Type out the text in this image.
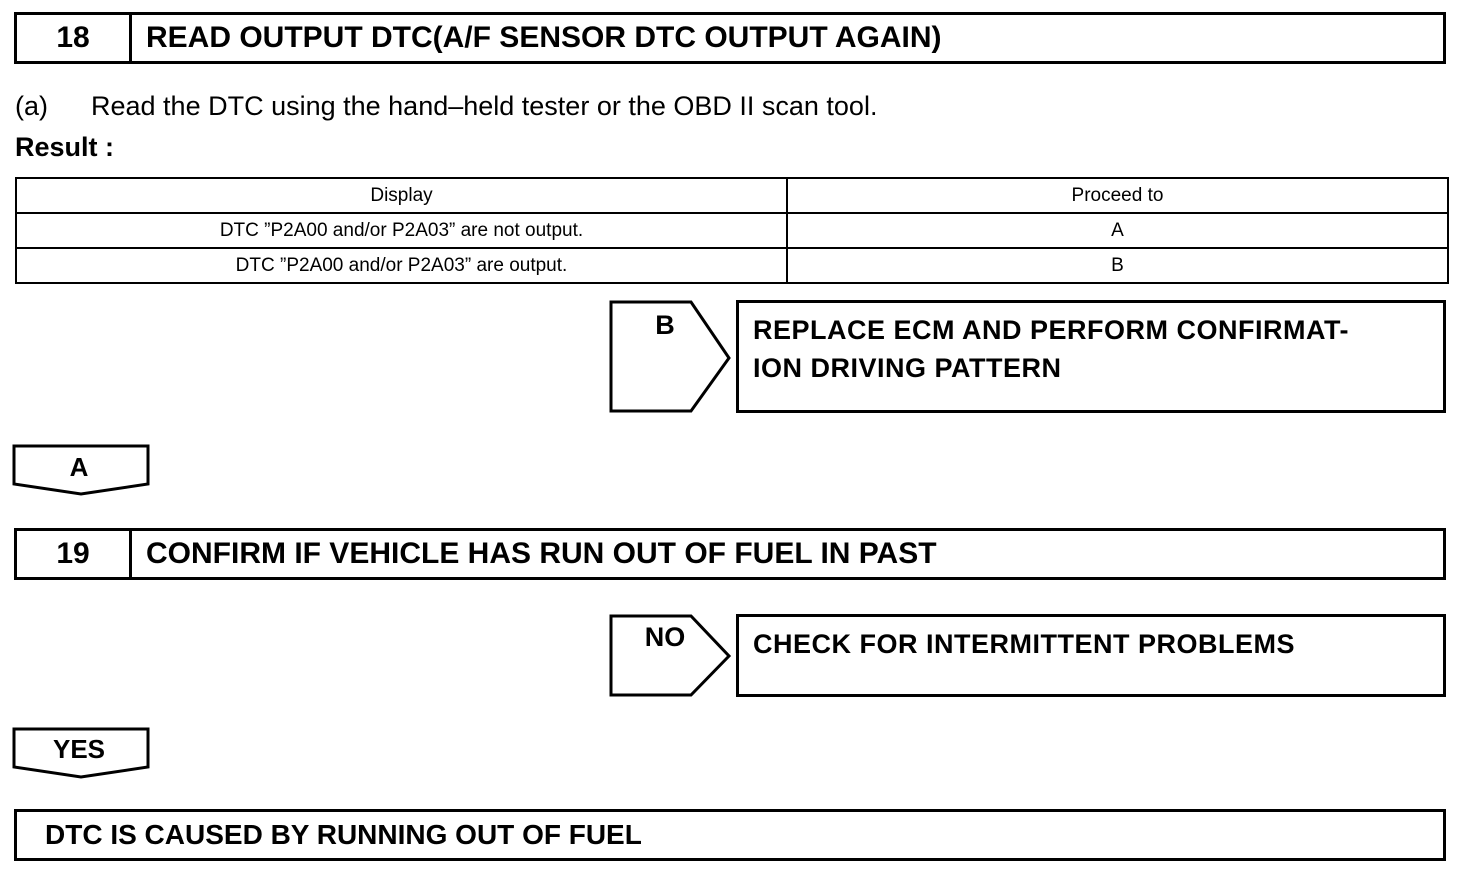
18	READ OUTPUT DTC(A/F SENSOR DTC OUTPUT AGAIN)
(a) Read the DTC using the hand–held tester or the OBD II scan tool.
Result :
Display	Proceed to
DTC ”P2A00 and/or P2A03” are not output.	A
DTC ”P2A00 and/or P2A03” are output.	B
B	REPLACE ECM AND PERFORM CONFIRMAT-
ION DRIVING PATTERN
A
19	CONFIRM IF VEHICLE HAS RUN OUT OF FUEL IN PAST
NO	CHECK FOR INTERMITTENT PROBLEMS
YES
DTC IS CAUSED BY RUNNING OUT OF FUEL
